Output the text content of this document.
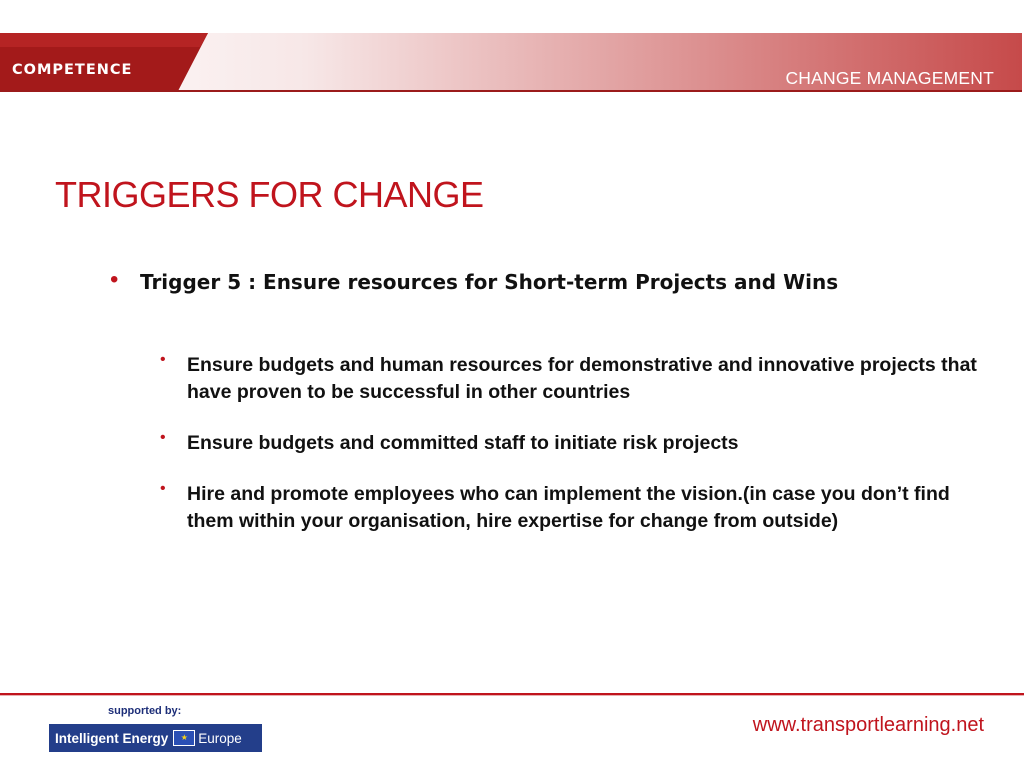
COMPETENCE	CHANGE MANAGEMENT
TRIGGERS FOR CHANGE
• Trigger 5 : Ensure resources for Short-term Projects and Wins
• Ensure budgets and human resources for demonstrative and innovative projects that have proven to be successful in other countries
• Ensure budgets and committed staff to initiate risk projects
• Hire and promote employees who can implement the vision.(in case you don’t find them within your organisation, hire expertise for change from outside)
supported by:
Intelligent Energy	★ Europe
www.transportlearning.net
